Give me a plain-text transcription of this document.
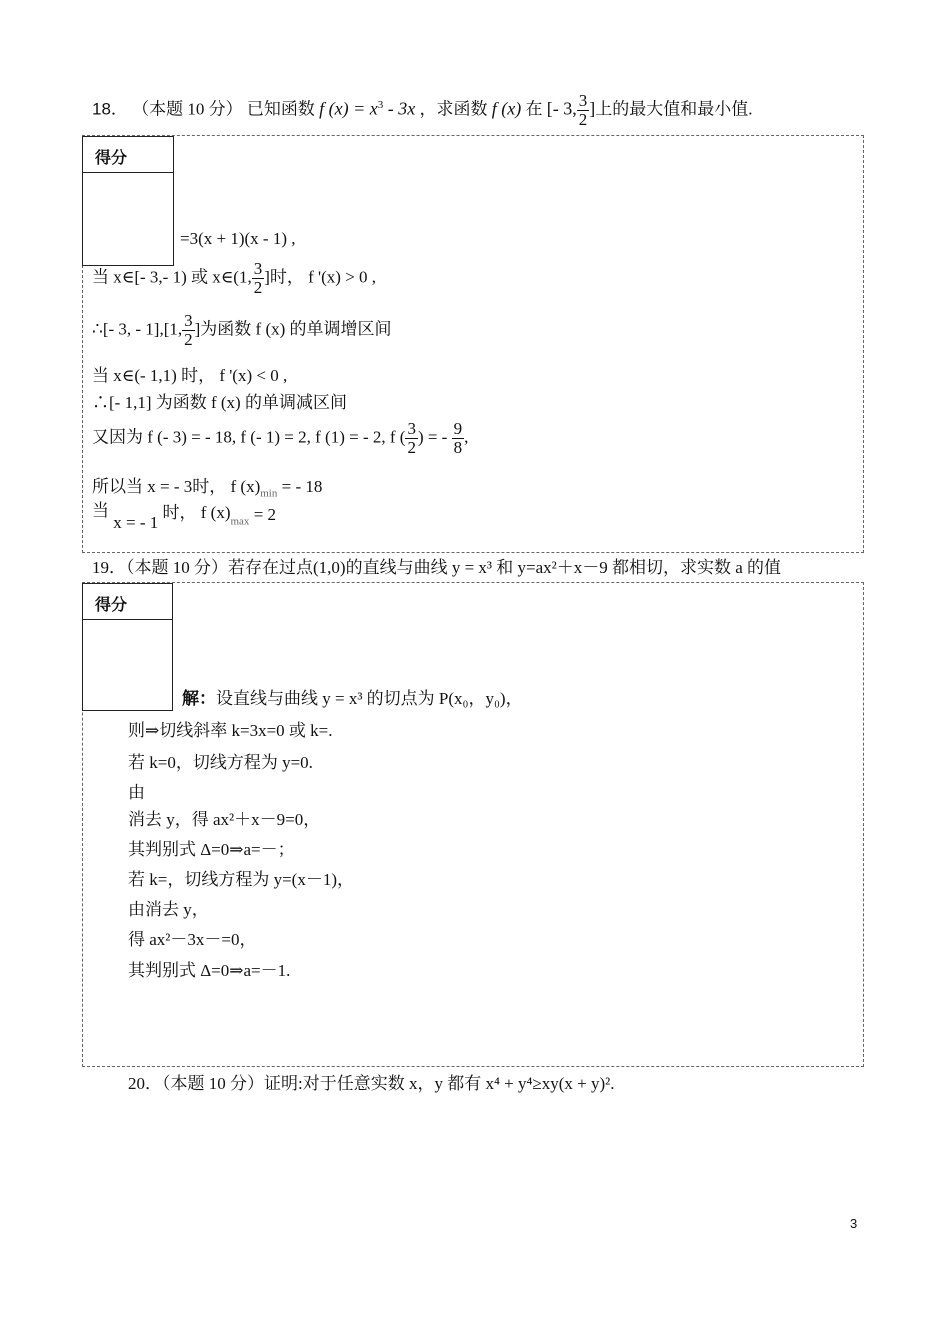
18． （本题 10 分） 已知函数 f $(x) = x^3 - 3x$ ，求函数 f (x) 在 [- 3, $\frac{3}{2}$ ]上的最大值和最小值.
得分
=3(x + 1)(x - 1) ,
当 x∈[- 3,- 1) 或 x∈(1, $\frac{3}{2}$ ]时， f '(x) > 0 ,
∴[- 3, - 1],[1, $\frac{3}{2}$ ]为函数 f (x) 的单调增区间
当 x∈(- 1,1) 时， f '(x) < 0 ,
∴[- 1,1] 为函数 f (x) 的单调减区间
又因为 f (- 3) = - 18, f (- 1) = 2, f (1) = - 2, f ( $\frac{3}{2}$ ) = - $\frac{9}{8}$ ,
所以当 x = - 3时， f $(x)_{min}$ = - 18
当 x = - 1 时， f $(x)_{max} = 2$
19．（本题 10 分）若存在过点(1,0)的直线与曲线 y = x³ 和 y=ax²＋x－9 都相切，求实数 a 的值
得分
解：设直线与曲线 y = x³ 的切点为 P(x₀，y₀)，
则⇒切线斜率 k=3x=0 或 k=.
若 k=0，切线方程为 y=0.
由
消去 y，得 ax²＋x－9=0，
其判别式 Δ=0⇒a=－；
若 k=，切线方程为 y=(x－1)，
由消去 y，
得 ax²－3x－=0，
其判别式 Δ=0⇒a=－1.
20．（本题 10 分）证明:对于任意实数 x，y 都有 x⁴ + y⁴≥xy(x + y)².
3
